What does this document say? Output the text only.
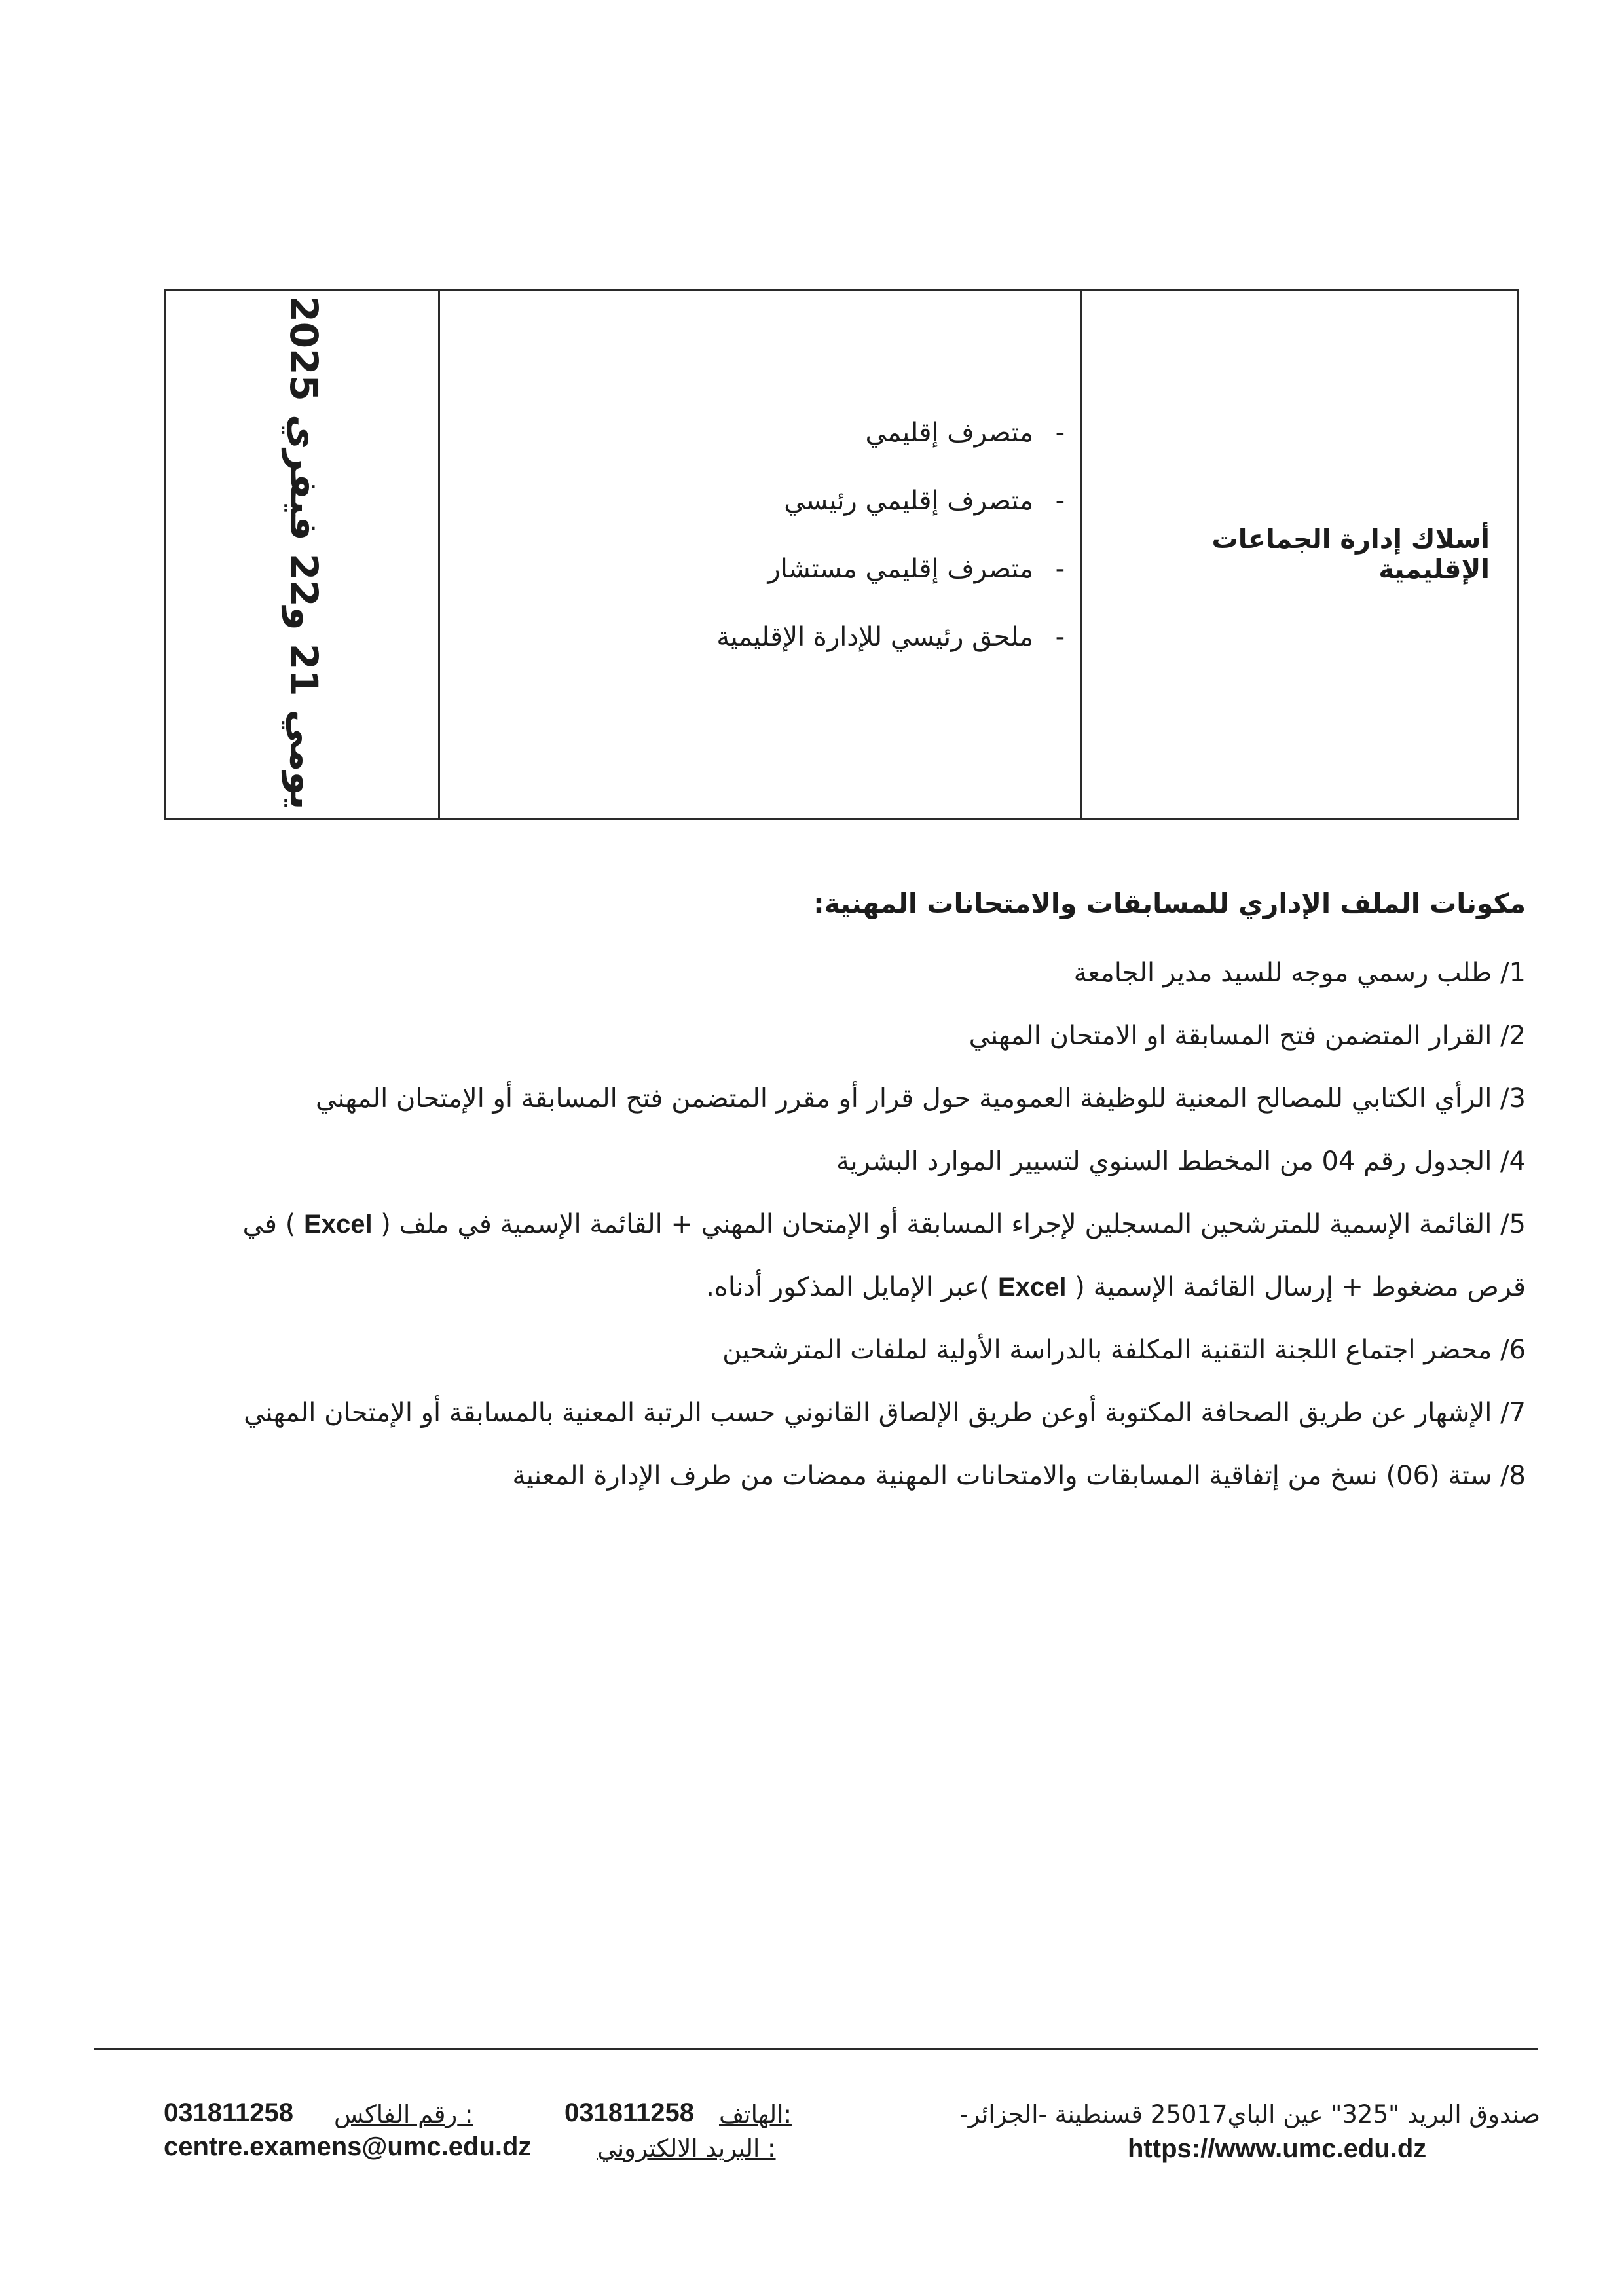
أسلاك إدارة الجماعات الإقليمية
-متصرف إقليمي
-متصرف إقليمي رئيسي
-متصرف إقليمي مستشار
-ملحق رئيسي للإدارة الإقليمية
يومي 21 و22 فيفري 2025
مكونات الملف الإداري للمسابقات والامتحانات المهنية:
1/ طلب رسمي موجه للسيد مدير الجامعة
2/ القرار المتضمن فتح المسابقة او الامتحان المهني
3/ الرأي الكتابي للمصالح المعنية للوظيفة العمومية حول قرار أو مقرر المتضمن فتح المسابقة أو الإمتحان المهني
4/ الجدول رقم 04 من المخطط السنوي لتسيير الموارد البشرية
5/ القائمة الإسمية للمترشحين المسجلين لإجراء المسابقة أو الإمتحان المهني + القائمة الإسمية في ملف ( Excel ) في
قرص مضغوط + إرسال القائمة الإسمية ( Excel )عبر الإمايل المذكور أدناه.
6/ محضر اجتماع اللجنة التقنية المكلفة بالدراسة الأولية لملفات المترشحين
7/ الإشهار عن طريق الصحافة المكتوبة أوعن طريق الإلصاق القانوني حسب الرتبة المعنية بالمسابقة أو الإمتحان المهني
8/ ستة (06) نسخ من إتفاقية المسابقات والامتحانات المهنية ممضات من طرف الإدارة المعنية
صندوق البريد "325" عين الباي25017 قسنطينة -الجزائر-
https://www.umc.edu.dz
الهاتف:
031811258
البريد الالكتروني :
centre.examens@umc.edu.dz
رقم الفاكس :
031811258
